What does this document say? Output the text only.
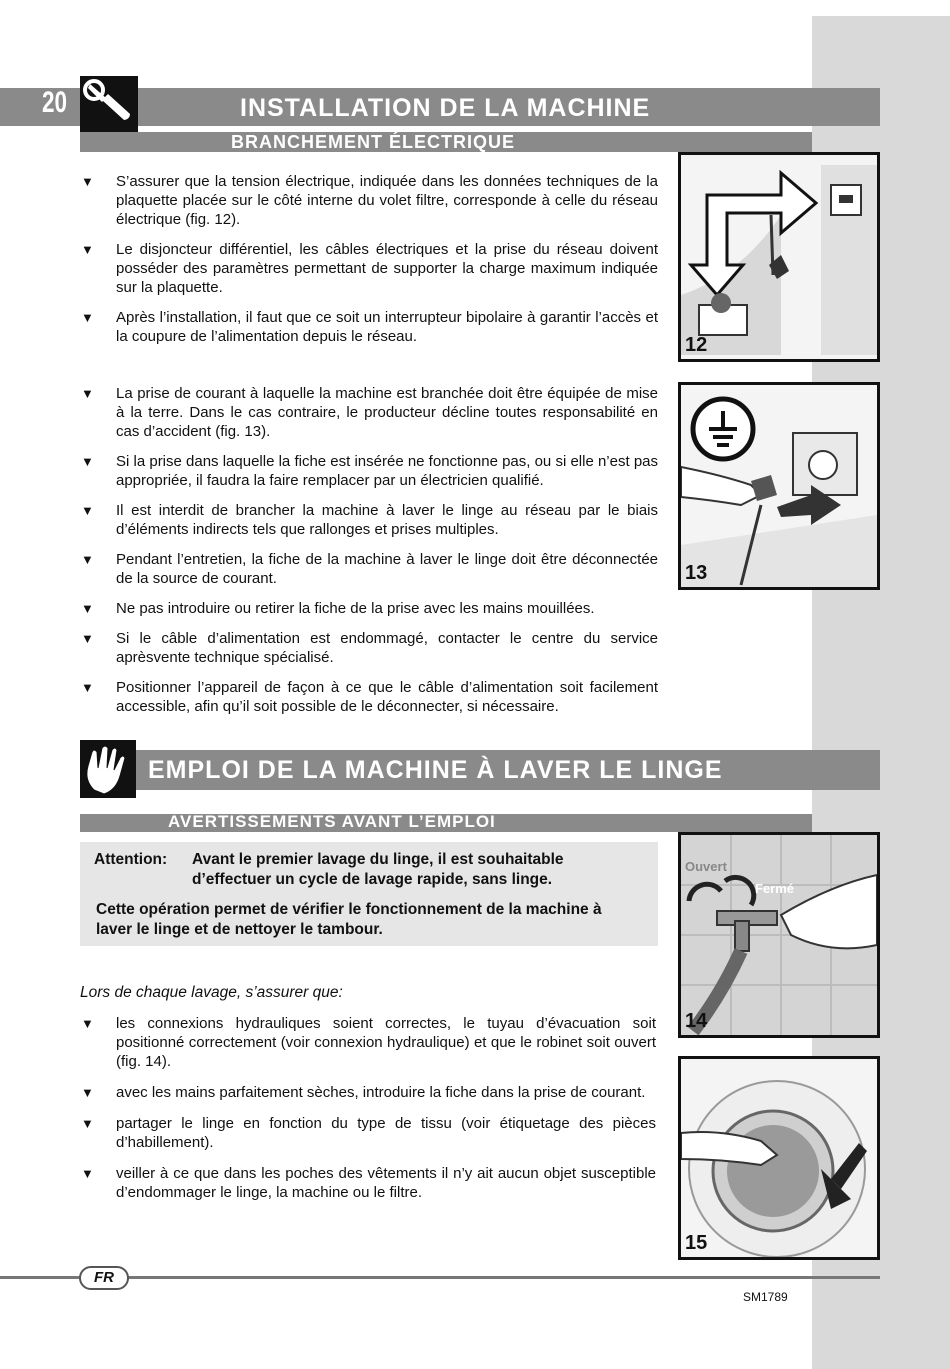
20	INSTALLATION DE LA MACHINE
BRANCHEMENT ÉLECTRIQUE
▼ S’assurer que la tension électrique, indiquée dans les données techniques de la plaquette placée sur le côté interne du volet filtre, corresponde à celle du réseau électrique (fig. 12).
▼ Le disjoncteur différentiel, les câbles électriques et la prise du réseau doivent posséder des paramètres permettant de supporter la charge maximum indiquée sur la plaquette.
▼ Après l’installation, il faut que ce soit un interrupteur bipolaire à garantir l’accès et la coupure de l’alimentation depuis le réseau.
▼ La prise de courant à laquelle la machine est branchée doit être équipée de mise à la terre. Dans le cas contraire, le producteur décline toutes responsabilité en cas d’accident (fig. 13).
▼ Si la prise dans laquelle la fiche est insérée ne fonctionne pas, ou si elle n’est pas appropriée, il faudra la faire remplacer par un électricien qualifié.
▼ Il est interdit de brancher la machine à laver le linge au réseau par le biais d’éléments indirects tels que rallonges et prises multiples.
▼ Pendant l’entretien, la fiche de la machine à laver le linge doit être déconnectée de la source de courant.
▼ Ne pas introduire ou retirer la fiche de la prise avec les mains mouillées.
▼ Si le câble d’alimentation est endommagé, contacter le centre du service aprèsvente technique spécialisé.
▼ Positionner l’appareil de façon à ce que le câble d’alimentation soit facilement accessible, afin qu’il soit possible de le déconnecter, si nécessaire.
12
13
EMPLOI DE LA MACHINE À LAVER LE LINGE
AVERTISSEMENTS AVANT L’EMPLOI
Attention: Avant le premier lavage du linge, il est souhaitable d’effectuer un cycle de lavage rapide, sans linge.
Cette opération permet de vérifier le fonctionnement de la machine à laver le linge et de nettoyer le tambour.
Lors de chaque lavage, s’assurer que:
▼ les connexions hydrauliques soient correctes, le tuyau d’évacuation soit positionné correctement (voir connexion hydraulique) et que le robinet soit ouvert (fig. 14).
▼ avec les mains parfaitement sèches, introduire la fiche dans la prise de courant.
▼ partager le linge en fonction du type de tissu (voir étiquetage des pièces d’habillement).
▼ veiller à ce que dans les poches des vêtements il n’y ait aucun objet susceptible d’endommager le linge, la machine ou le filtre.
Ouvert
Fermé
14
15
FR
SM1789
